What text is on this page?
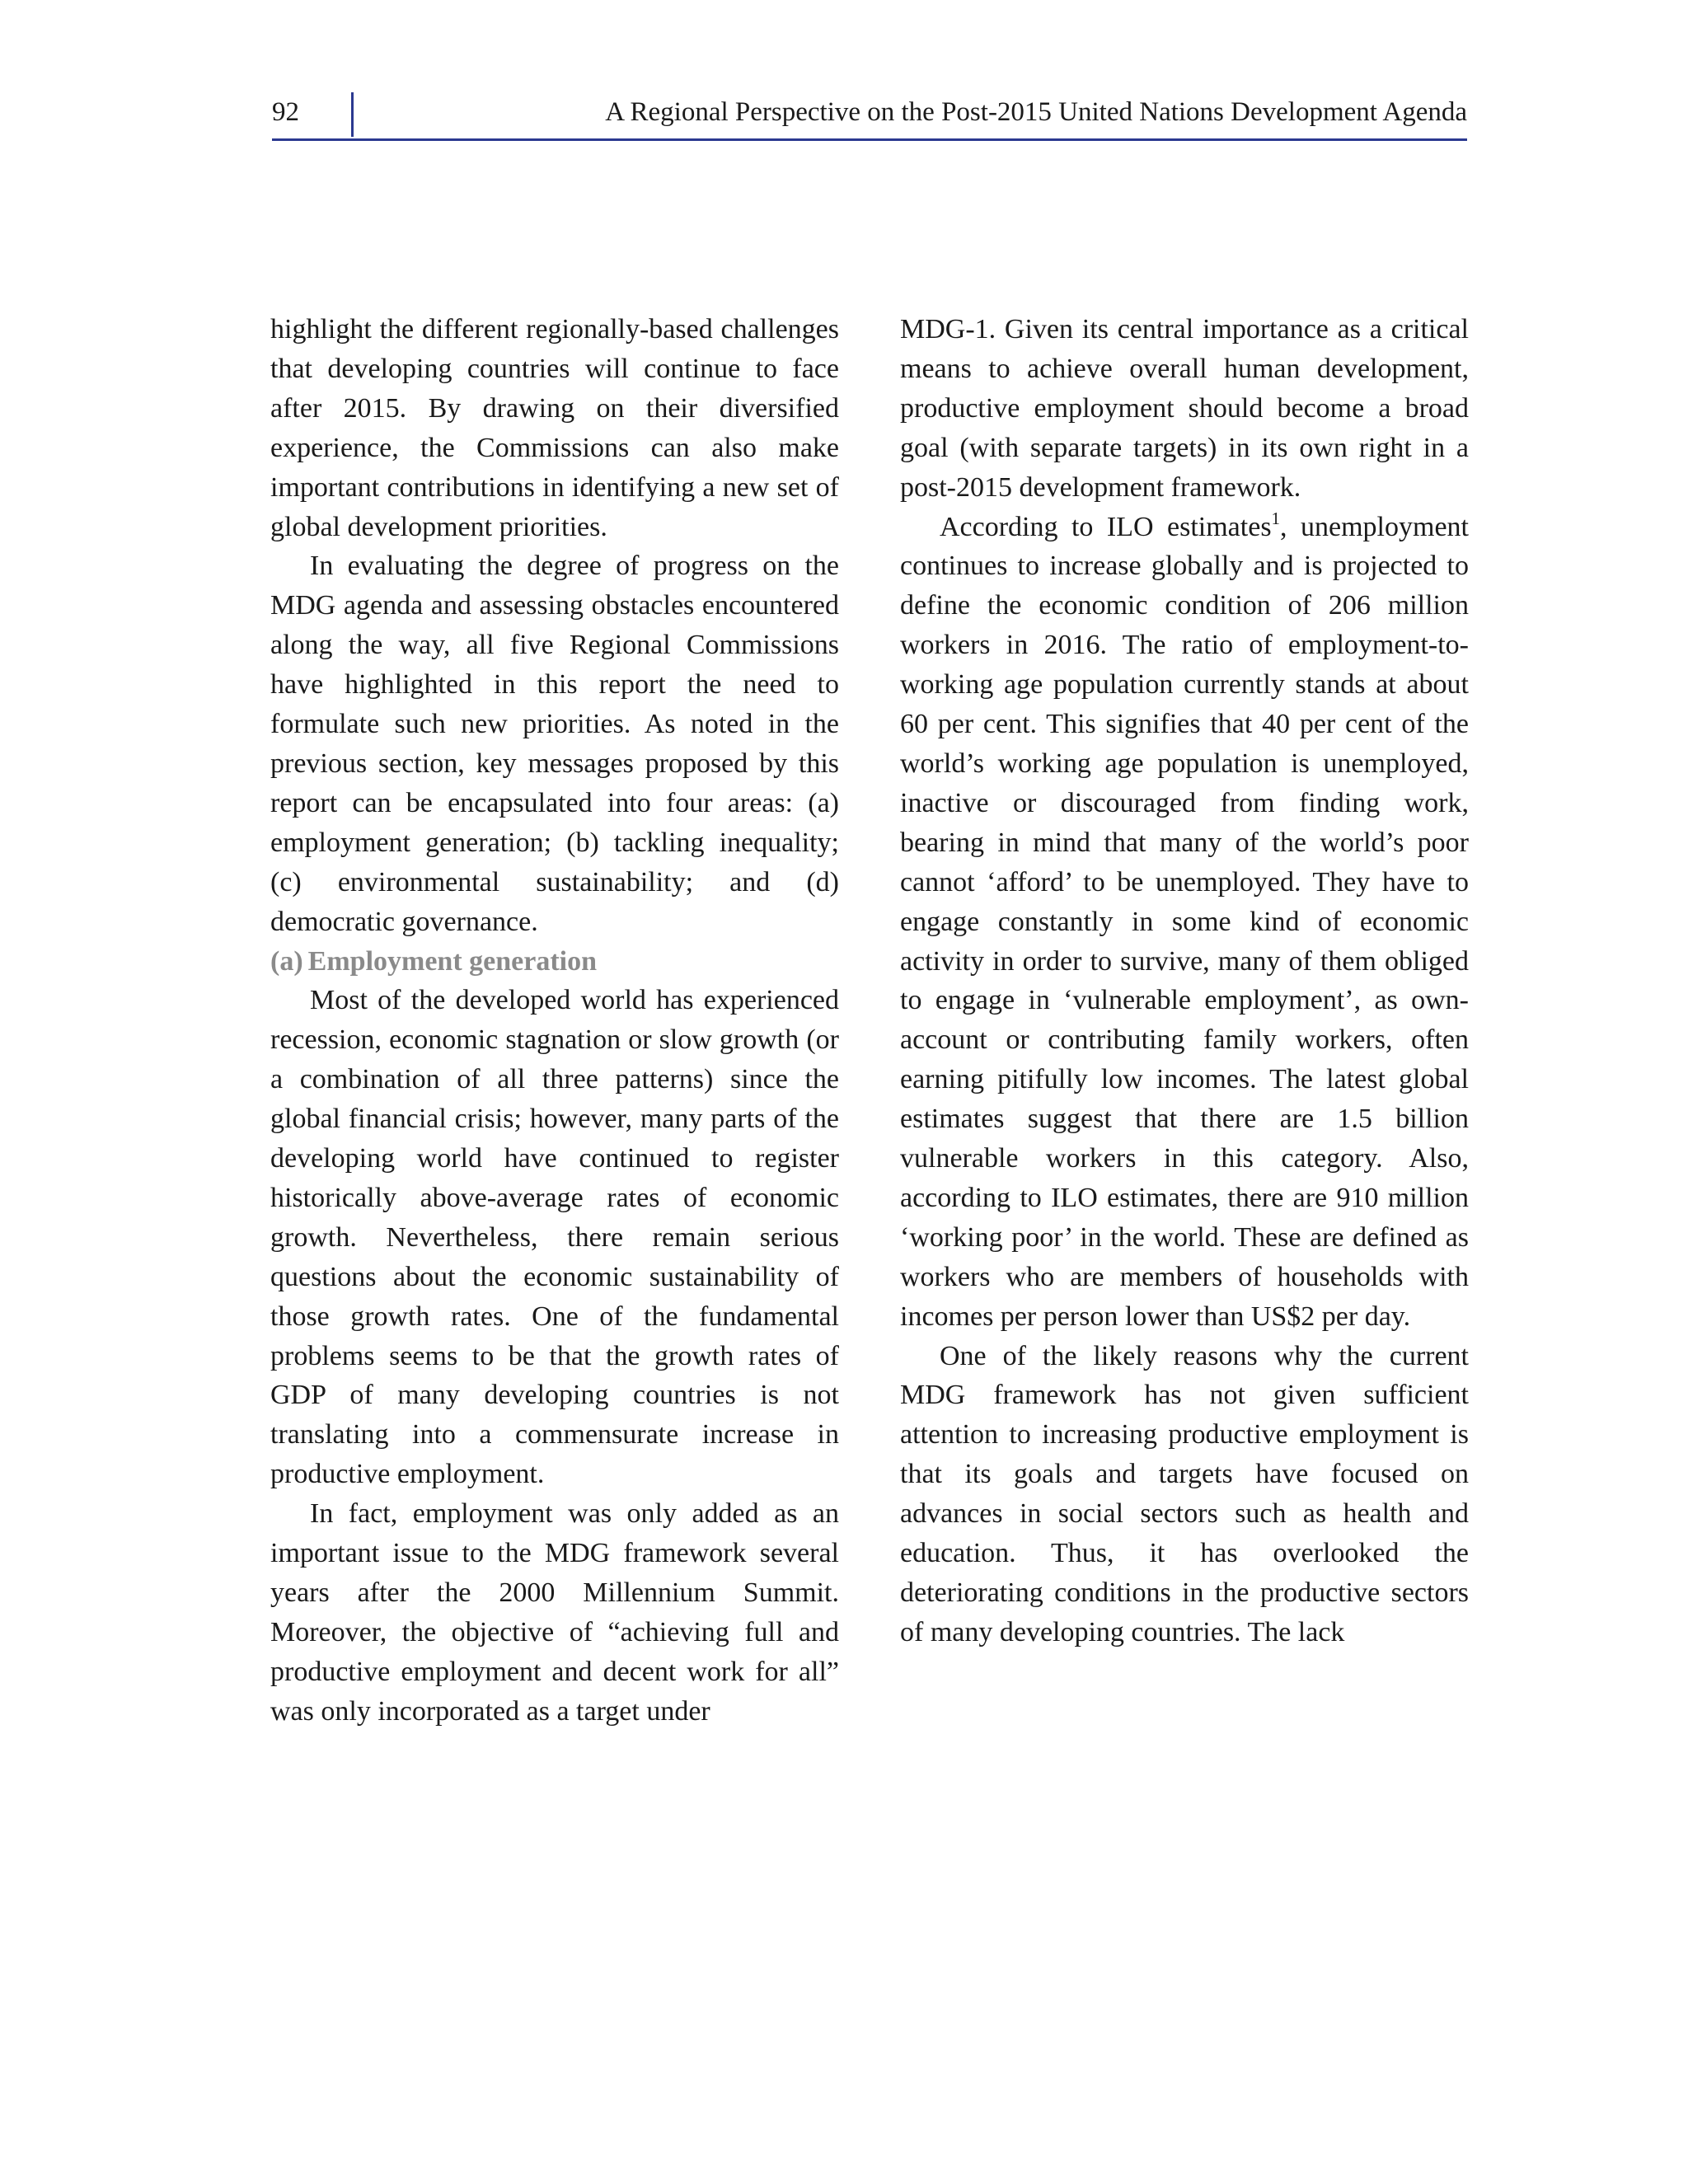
92	A Regional Perspective on the Post-2015 United Nations Development Agenda

highlight the different regionally-based challenges that developing countries will continue to face after 2015. By drawing on their diversified experience, the Commissions can also make important contributions in identifying a new set of global development priorities.

In evaluating the degree of progress on the MDG agenda and assessing obstacles encountered along the way, all five Regional Commissions have highlighted in this report the need to formulate such new priorities. As noted in the previous section, key messages proposed by this report can be encapsulated into four areas: (a) employment generation; (b) tackling inequality; (c) environmental sustainability; and (d) democratic governance.

(a) Employment generation

Most of the developed world has experienced recession, economic stagnation or slow growth (or a combination of all three patterns) since the global financial crisis; however, many parts of the developing world have continued to register historically above-average rates of economic growth. Nevertheless, there remain serious questions about the economic sustainability of those growth rates. One of the fundamental problems seems to be that the growth rates of GDP of many developing countries is not translating into a commensurate increase in productive employment.

In fact, employment was only added as an important issue to the MDG framework several years after the 2000 Millennium Summit. Moreover, the objective of “achieving full and productive employment and decent work for all” was only incorporated as a target under

MDG-1. Given its central importance as a critical means to achieve overall human development, productive employment should become a broad goal (with separate targets) in its own right in a post-2015 development framework.

According to ILO estimates$^1$, unemployment continues to increase globally and is projected to define the economic condition of 206 million workers in 2016. The ratio of employment-to-working age population currently stands at about 60 per cent. This signifies that 40 per cent of the world’s working age population is unemployed, inactive or discouraged from finding work, bearing in mind that many of the world’s poor cannot ‘afford’ to be unemployed. They have to engage constantly in some kind of economic activity in order to survive, many of them obliged to engage in ‘vulnerable employment’, as own-account or contributing family workers, often earning pitifully low incomes. The latest global estimates suggest that there are 1.5 billion vulnerable workers in this category. Also, according to ILO estimates, there are 910 million ‘working poor’ in the world. These are defined as workers who are members of households with incomes per person lower than US$2 per day.

One of the likely reasons why the current MDG framework has not given sufficient attention to increasing productive employment is that its goals and targets have focused on advances in social sectors such as health and education. Thus, it has overlooked the deteriorating conditions in the productive sectors of many developing countries. The lack
